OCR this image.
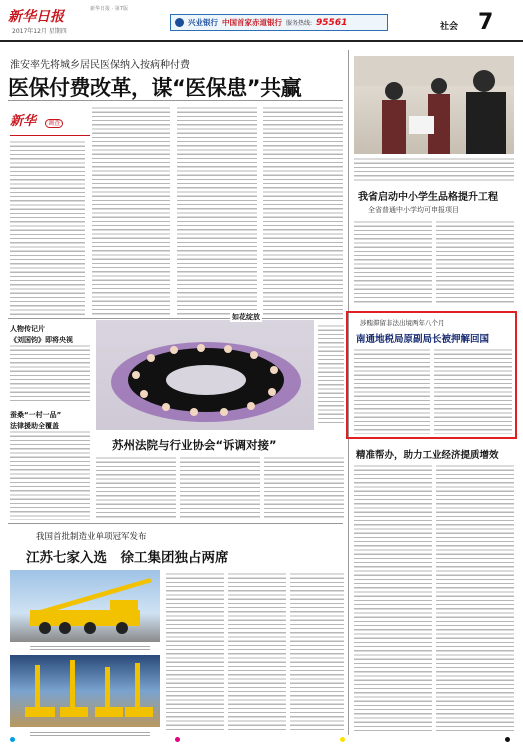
新华日报
2017年12月 星期四
新华日报 · 第7版
兴业银行 中国首家赤道银行 服务热线: 95561	社会 7
淮安率先将城乡居民医保纳入按病种付费
医保付费改革，谋“医保患”共赢
新华 调查
人物传记片
《刘国钧》即将央视
蚕桑“一村一品”
法律援助全覆盖
如花绽放
苏州法院与行业协会“诉调对接”
我国首批制造业单项冠军发布
江苏七家入选　徐工集团独占两席
我省启动中小学生品格提升工程
全省普通中小学均可申报项目
涉贿滞留非法出境两年八个月
南通地税局原副局长被押解回国
精准帮办，助力工业经济提质增效
